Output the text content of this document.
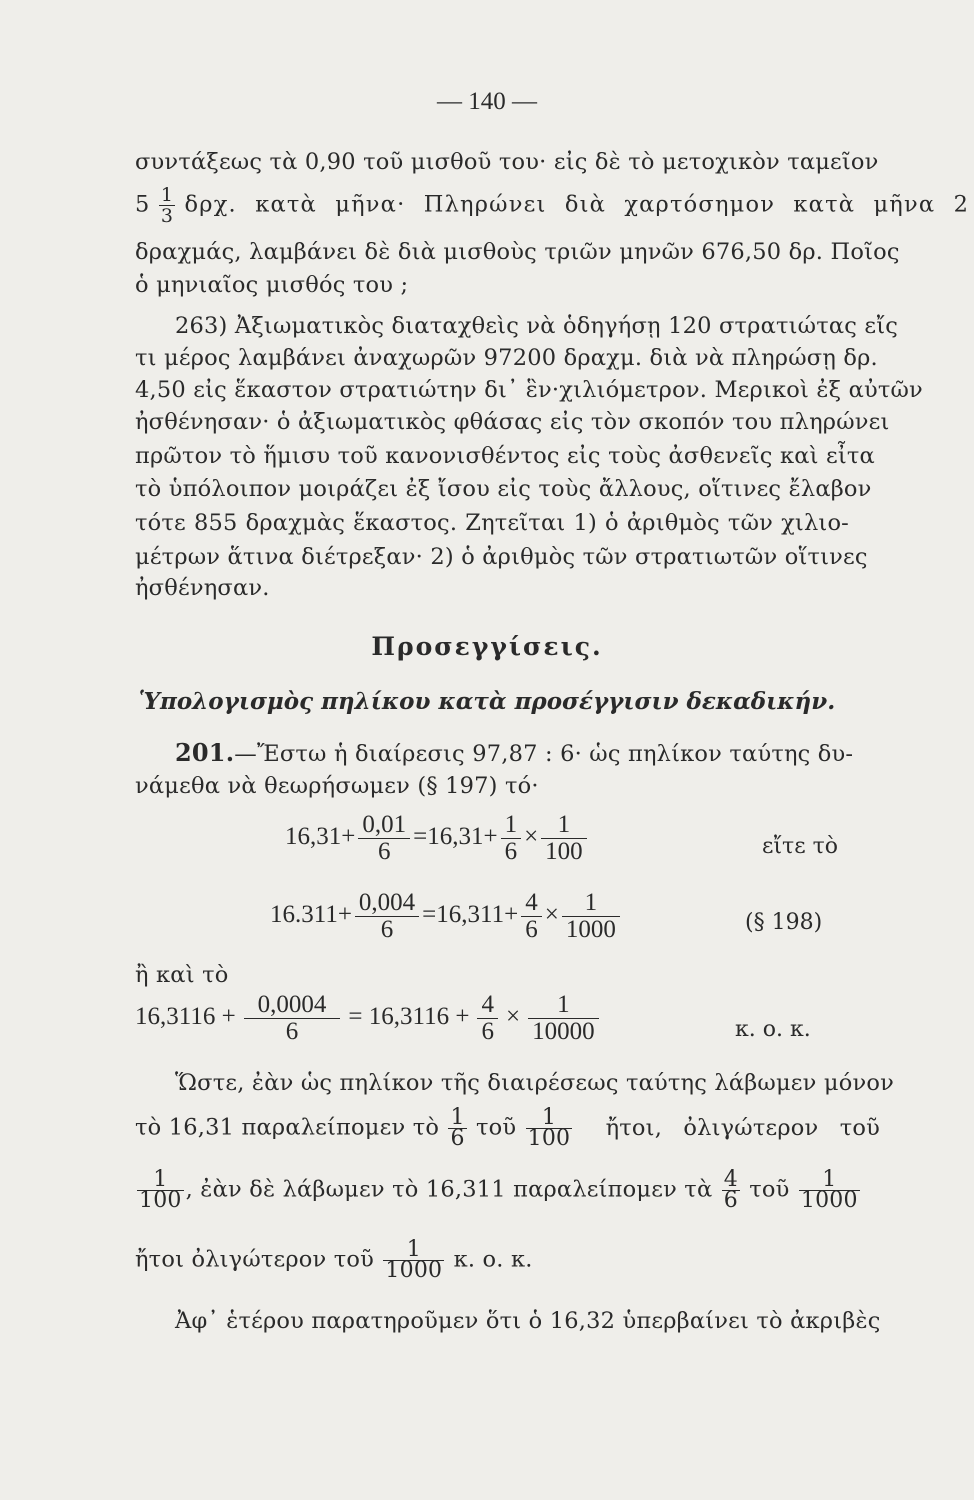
— 140 —
συντάξεως τὰ 0,90 τοῦ μισθοῦ του· εἰς δὲ τὸ μετοχικὸν ταμεῖον
$5 \frac{1}{3} \delta\rho\chi$. κατὰ μῆνα· Πληρώνει διὰ χαρτόσημον κατὰ μῆνα 2
δραχμάς, λαμβάνει δὲ διὰ μισθοὺς τριῶν μηνῶν 676,50 δρ. Ποῖος
ὁ μηνιαῖος μισθός του ;
263) Ἀξιωματικὸς διαταχθεὶς νὰ ὁδηγήσῃ 120 στρατιώτας εἴς
τι μέρος λαμβάνει ἀναχωρῶν 97200 δραχμ. διὰ νὰ πληρώσῃ δρ.
4,50 εἰς ἕκαστον στρατιώτην δι᾽ ἓν·χιλιόμετρον. Μερικοὶ ἐξ αὐτῶν
ἠσθένησαν· ὁ ἀξιωματικὸς φθάσας εἰς τὸν σκοπόν του πληρώνει
πρῶτον τὸ ἥμισυ τοῦ κανονισθέντος εἰς τοὺς ἀσθενεῖς καὶ εἶτα
τὸ ὑπόλοιπον μοιράζει ἐξ ἴσου εἰς τοὺς ἄλλους, οἵτινες ἔλαβον
τότε 855 δραχμὰς ἕκαστος. Ζητεῖται 1) ὁ ἀριθμὸς τῶν χιλιο-
μέτρων ἅτινα διέτρεξαν· 2) ὁ ἀριθμὸς τῶν στρατιωτῶν οἵτινες
ἠσθένησαν.
Προσεγγίσεις.
Ὑπολογισμὸς πηλίκου κατὰ προσέγγισιν δεκαδικήν.
201.—Ἔστω ἡ διαίρεσις 97,87 : 6· ὡς πηλίκον ταύτης δυ-
νάμεθα νὰ θεωρήσωμεν (§ 197) τό·
$16,31+ \frac{0,01}{6} =16,31+ \frac{1}{6} \times \frac{1}{100}$	εἴτε τὸ
$16.311+ \frac{0,004}{6} =16,311+ \frac{4}{6} \times \frac{1}{1000}$	(§ 198)
ἢ καὶ τὸ
$16,3116 + \frac{0,0004}{6} = 16,3116 + \frac{4}{6} \times \frac{1}{10000}$	κ. ο. κ.
Ὥστε, ἐὰν ὡς πηλίκον τῆς διαιρέσεως ταύτης λάβωμεν μόνον
τὸ 16,31 παραλείπομεν τὸ $\frac{1}{6}$ τοῦ $\frac{1}{100}$ ἤτοι, ὀλιγώτερον τοῦ
$\frac{1}{100}$ , ἐὰν δὲ λάβωμεν τὸ 16,311 παραλείπομεν τὰ $\frac{4}{6}$ τοῦ $\frac{1}{1000}$
ἤτοι ὀλιγώτερον τοῦ $\frac{1}{1000} \kappa$. ο. κ.
Ἀφ᾽ ἑτέρου παρατηροῦμεν ὅτι ὁ 16,32 ὑπερβαίνει τὸ ἀκριβὲς
